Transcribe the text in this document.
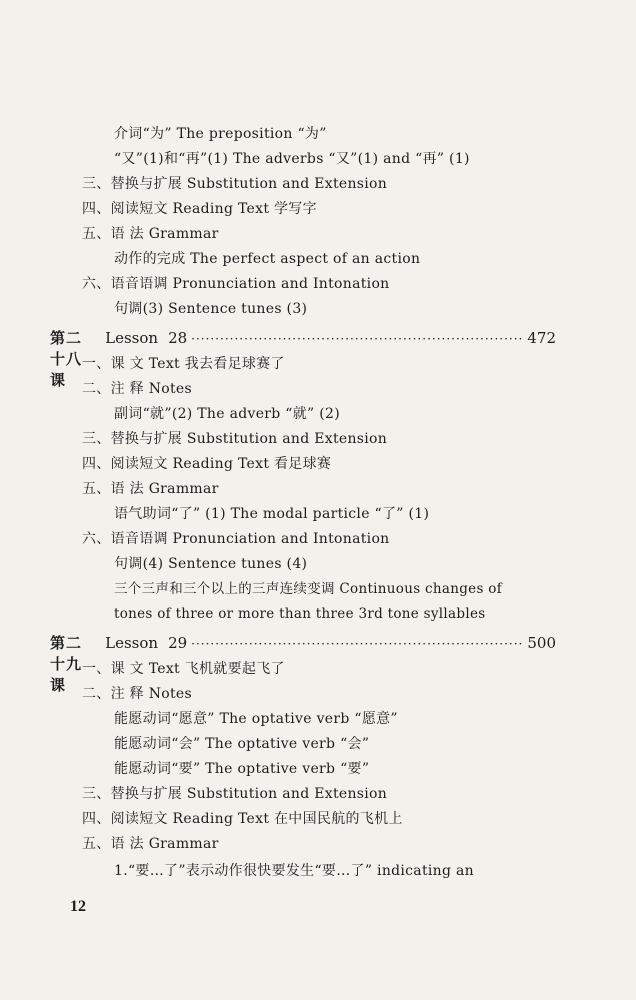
介词“为” The preposition “为”
“又”(1)和“再”(1) The adverbs “又”(1) and “再” (1)
三、替换与扩展 Substitution and Extension
四、阅读短文 Reading Text 学写字
五、语 法 Grammar
动作的完成 The perfect aspect of an action
六、语音语调 Pronunciation and Intonation
句调(3) Sentence tunes (3)
第二十八课
Lesson 28 ····································································· 472
一、课 文 Text 我去看足球赛了
二、注 释 Notes
副词“就”(2) The adverb “就” (2)
三、替换与扩展 Substitution and Extension
四、阅读短文 Reading Text 看足球赛
五、语 法 Grammar
语气助词“了” (1) The modal particle “了” (1)
六、语音语调 Pronunciation and Intonation
句调(4) Sentence tunes (4)
三个三声和三个以上的三声连续变调 Continuous changes of
tones of three or more than three 3rd tone syllables
第二十九课
Lesson 29 ····································································· 500
一、课 文 Text 飞机就要起飞了
二、注 释 Notes
能愿动词“愿意” The optative verb “愿意”
能愿动词“会” The optative verb “会”
能愿动词“要” The optative verb “要”
三、替换与扩展 Substitution and Extension
四、阅读短文 Reading Text 在中国民航的飞机上
五、语 法 Grammar
1.“要…了”表示动作很快要发生“要…了” indicating an
12
